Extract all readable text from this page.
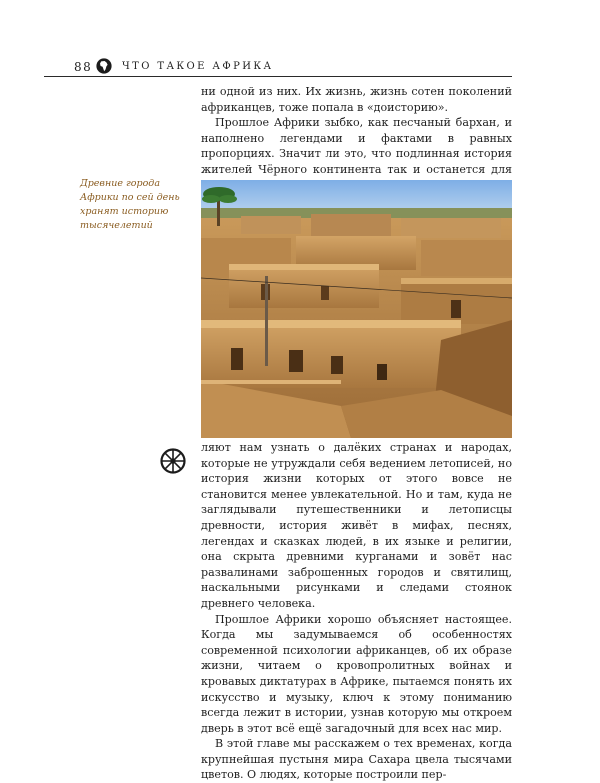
88	ЧТО ТАКОЕ АФРИКА

ни одной из них. Их жизнь, жизнь сотен поколений африканцев, тоже попала в «доисторию».

Прошлое Африки зыбко, как песчаный бархан, и наполнено легендами и фактами в равных пропорциях. Значит ли это, что подлинная история жителей Чёрного континента так и останется для

Древние города Африки по сей день хранят историю тысячелетий

ляют нам узнать о далёких странах и народах, которые не утруждали себя ведением летописей, но история жизни которых от этого вовсе не становится менее увлекательной. Но и там, куда не заглядывали путешественники и летописцы древности, история живёт в мифах, песнях, легендах и сказках людей, в их языке и религии, она скрыта древними курганами и зовёт нас развалинами заброшенных городов и святилищ, наскальными рисунками и следами стоянок древнего человека.

Прошлое Африки хорошо объясняет настоящее. Когда мы задумываемся об особенностях современной психологии африканцев, об их образе жизни, читаем о кровопролитных войнах и кровавых диктатурах в Африке, пытаемся понять их искусство и музыку, ключ к этому пониманию всегда лежит в истории, узнав которую мы откроем дверь в этот всё ещё загадочный для всех нас мир.

В этой главе мы расскажем о тех временах, когда крупнейшая пустыня мира Сахара цвела тысячами цветов. О людях, которые построили пер-
